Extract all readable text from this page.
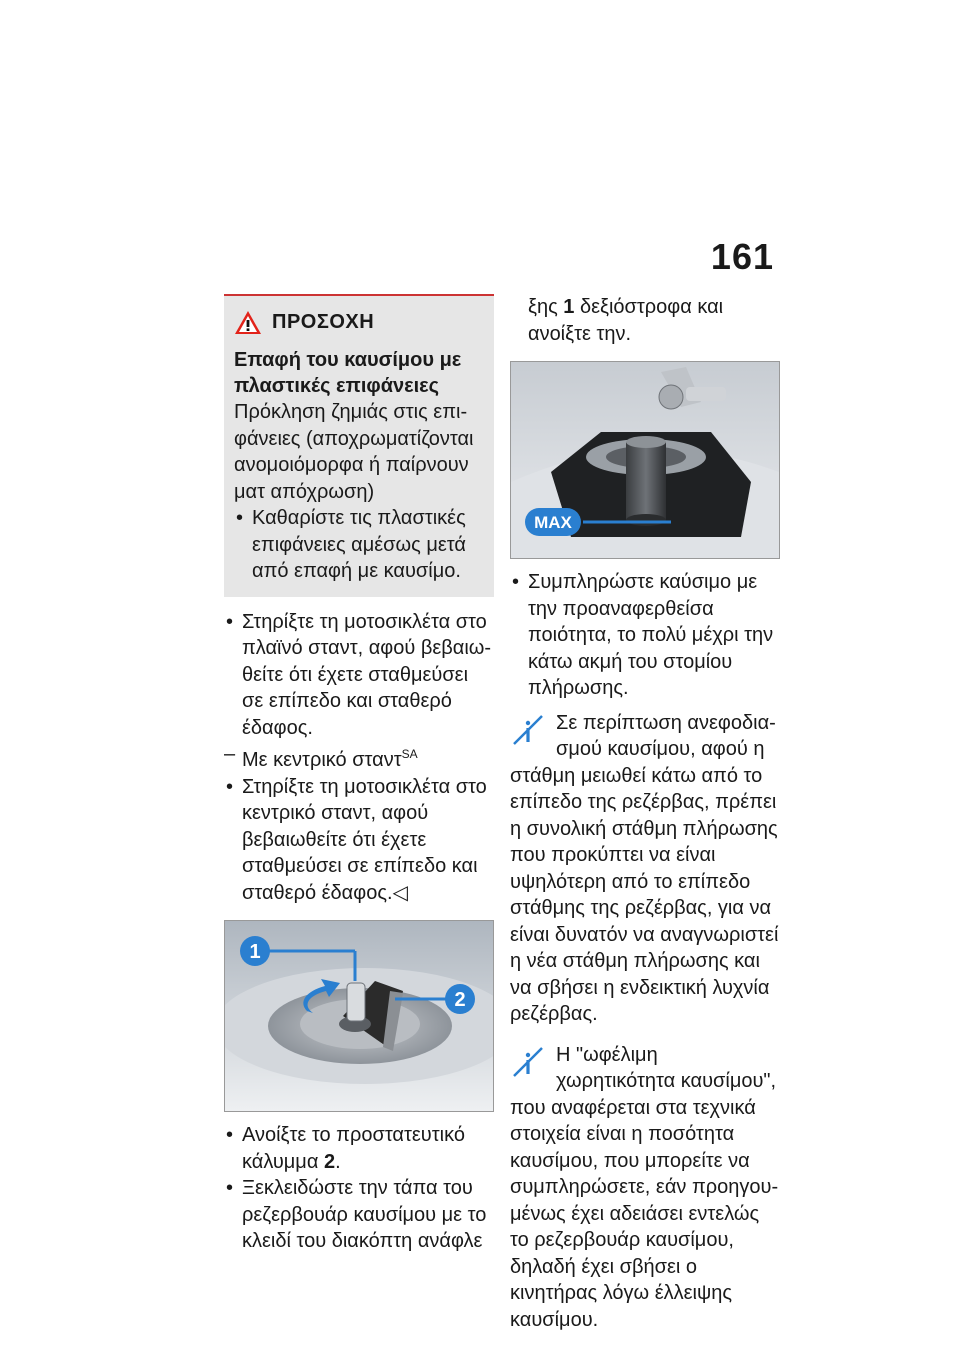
161
ΠΡΟΣΟΧΗ
Επαφή του καυσίμου με πλαστικές επιφάνειες
Πρόκληση ζημιάς στις επιφάνειες (αποχρωματίζονται ανομοιόμορφα ή παίρνουν ματ απόχρωση)
• Καθαρίστε τις πλαστικές επιφάνειες αμέσως μετά από επαφή με καυσίμο.
• Στηρίξτε τη μοτοσικλέτα στο πλαϊνό σταντ, αφού βεβαιωθείτε ότι έχετε σταθμεύσει σε επίπεδο και σταθερό έδαφος.
– Με κεντρικό σταντ$^{SA}$
• Στηρίξτε τη μοτοσικλέτα στο κεντρικό σταντ, αφού βεβαιωθείτε ότι έχετε σταθμεύσει σε επίπεδο και σταθερό έδαφος.◁
1
2
• Ανοίξτε το προστατευτικό κάλυμμα 2.
• Ξεκλειδώστε την τάπα του ρεζερβουάρ καυσίμου με το κλειδί του διακόπτη ανάφλε
ξης 1 δεξιόστροφα και ανοίξτε την.
MAX
• Συμπληρώστε καύσιμο με την προαναφερθείσα ποιότητα, το πολύ μέχρι την κάτω ακμή του στομίου πλήρωσης.
Σε περίπτωση ανεφοδιασμού καυσίμου, αφού η στάθμη μειωθεί κάτω από το επίπεδο της ρεζέρβας, πρέπει η συνολική στάθμη πλήρωσης που προκύπτει να είναι υψηλότερη από το επίπεδο στάθμης της ρεζέρβας, για να είναι δυνατόν να αναγνωριστεί η νέα στάθμη πλήρωσης και να σβήσει η ενδεικτική λυχνία ρεζέρβας.
Η "ωφέλιμη χωρητικότητα καυσίμου", που αναφέρεται στα τεχνικά στοιχεία είναι η ποσότητα καυσίμου, που μπορείτε να συμπληρώσετε, εάν προηγουμένως έχει αδειάσει εντελώς το ρεζερβουάρ καυσίμου, δηλαδή έχει σβήσει ο κινητήρας λόγω έλλειψης καυσίμου.
